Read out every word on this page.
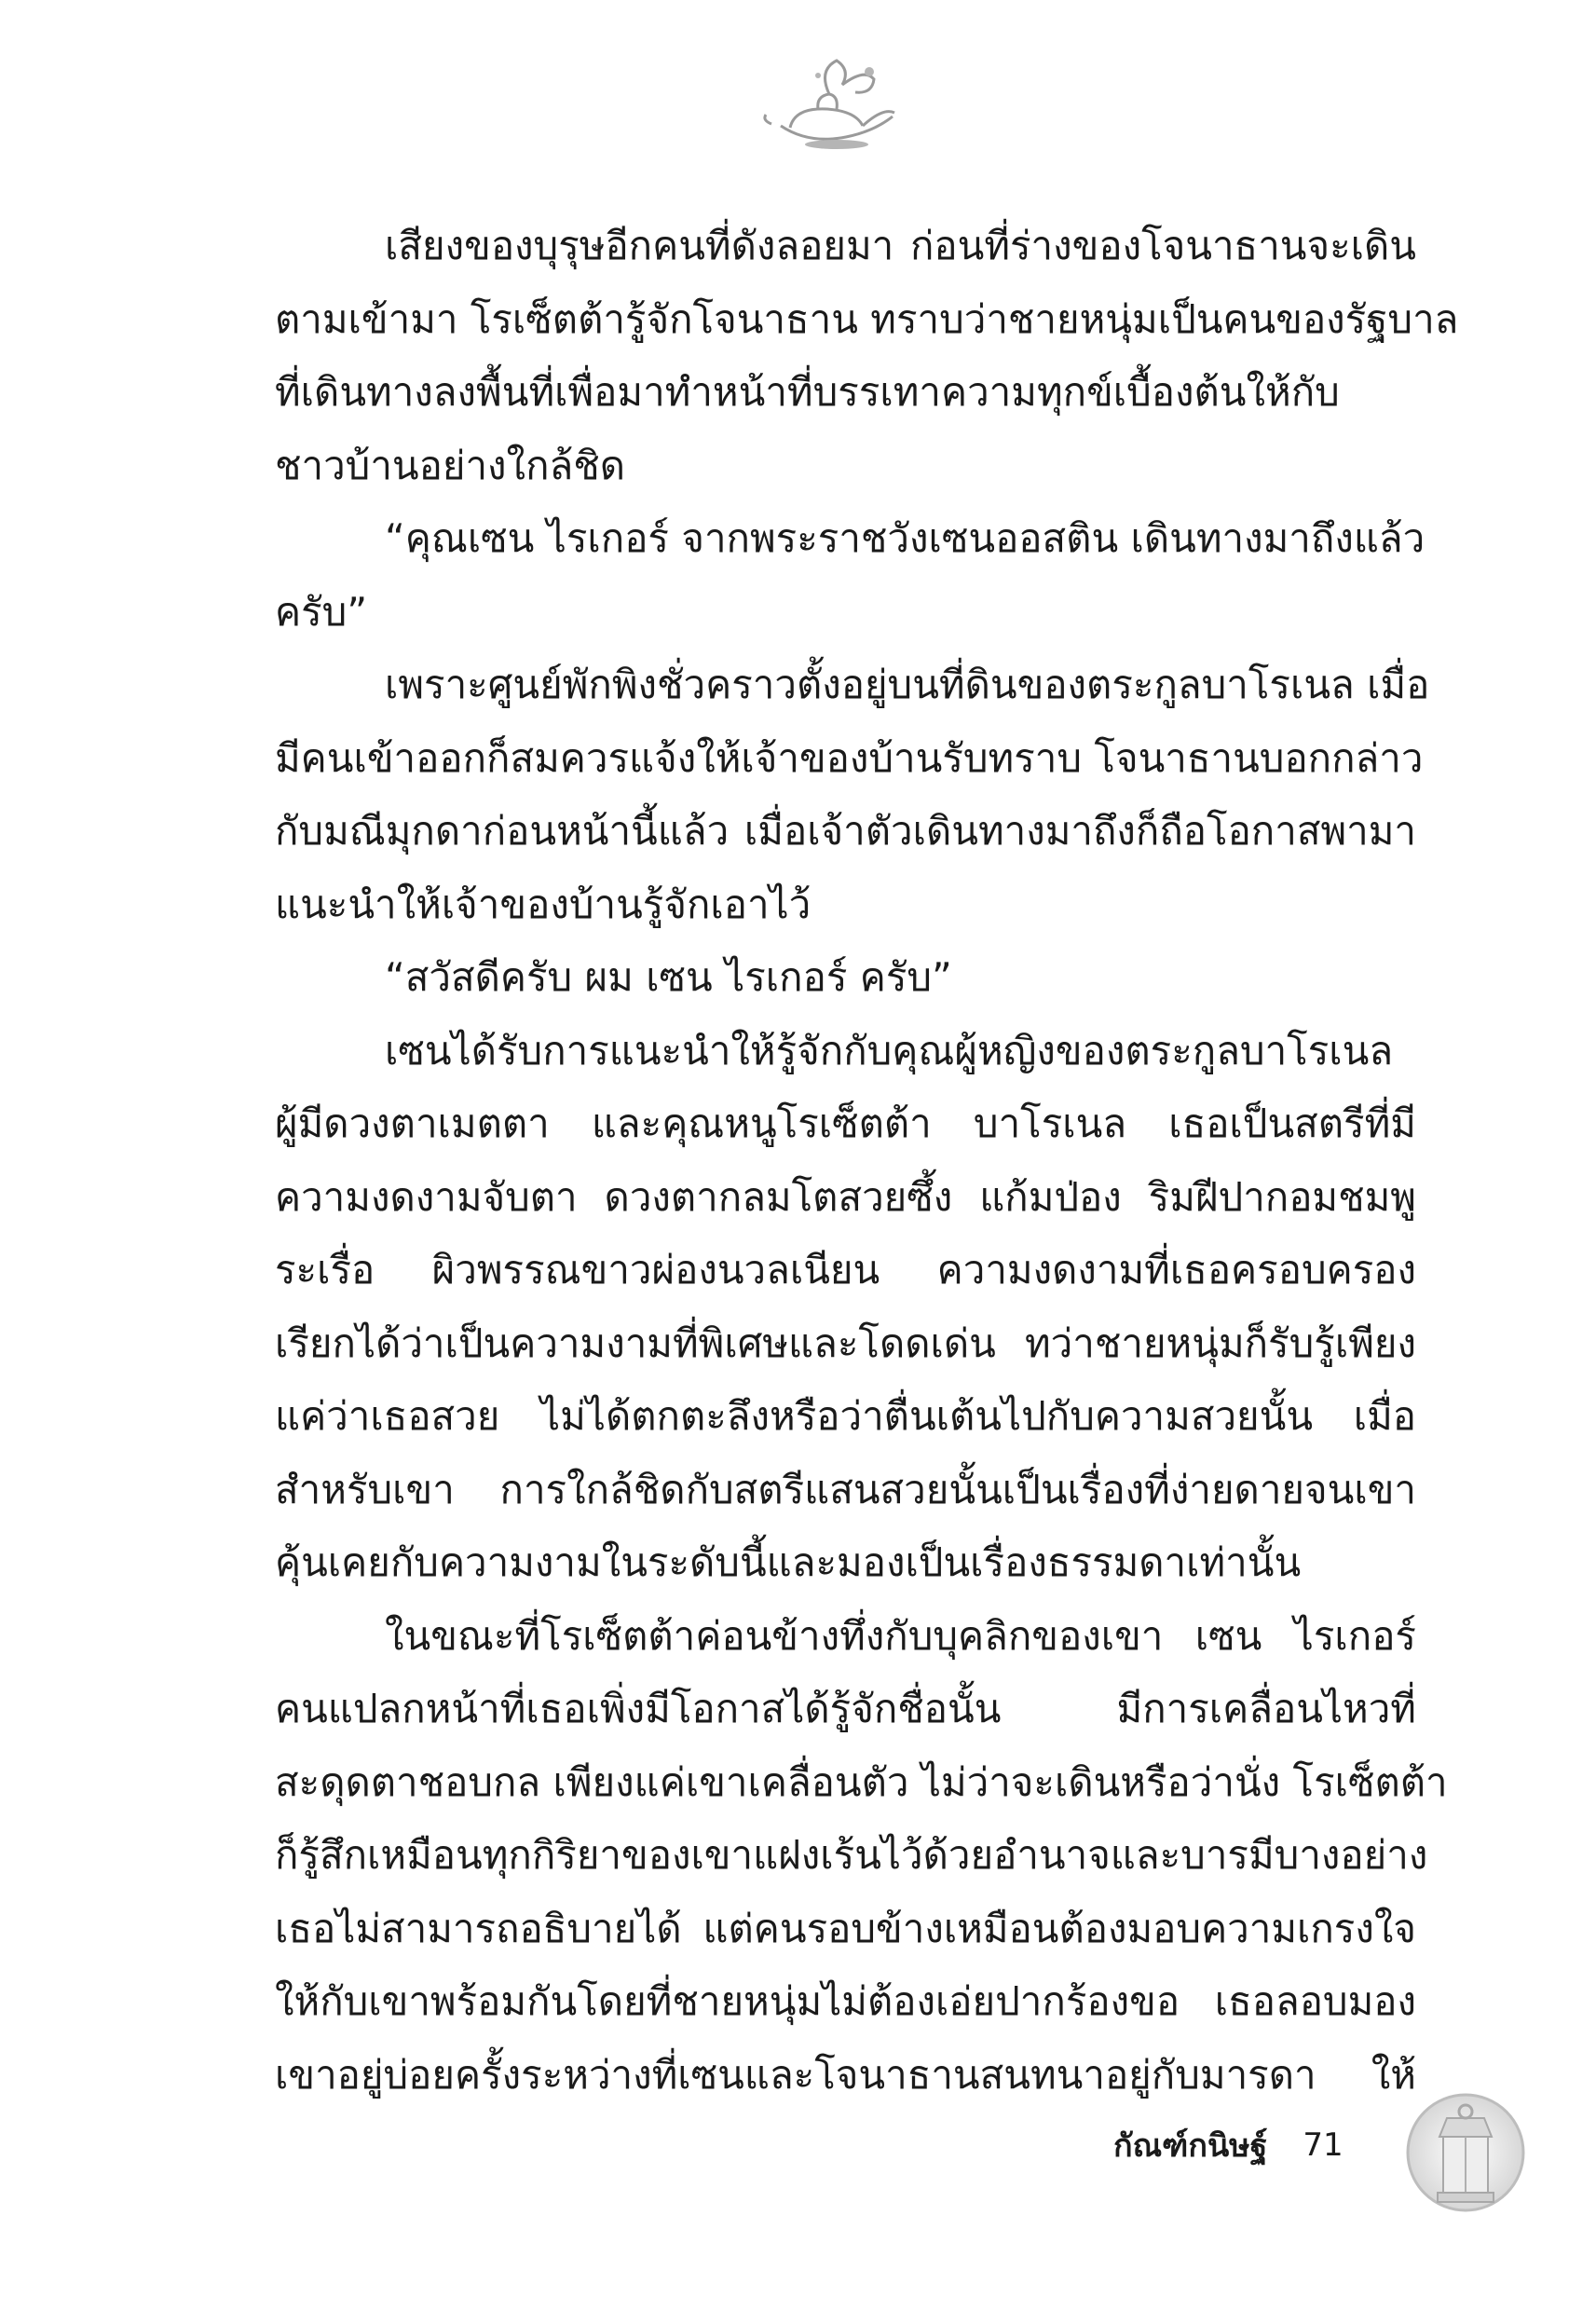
เสียงของบุรุษอีกคนที่ดังลอยมา ก่อนที่ร่างของโจนาธานจะเดิน
ตามเข้ามา โรเซ็ตต้ารู้จักโจนาธาน ทราบว่าชายหนุ่มเป็นคนของรัฐบาล
ที่เดินทางลงพื้นที่เพื่อมาทำหน้าที่บรรเทาความทุกข์เบื้องต้นให้กับ
ชาวบ้านอย่างใกล้ชิด
“คุณเซน ไรเกอร์ จากพระราชวังเซนออสติน เดินทางมาถึงแล้ว
ครับ”
เพราะศูนย์พักพิงชั่วคราวตั้งอยู่บนที่ดินของตระกูลบาโรเนล เมื่อ
มีคนเข้าออกก็สมควรแจ้งให้เจ้าของบ้านรับทราบ โจนาธานบอกกล่าว
กับมณีมุกดาก่อนหน้านี้แล้ว เมื่อเจ้าตัวเดินทางมาถึงก็ถือโอกาสพามา
แนะนำให้เจ้าของบ้านรู้จักเอาไว้
“สวัสดีครับ ผม เซน ไรเกอร์ ครับ”
เซนได้รับการแนะนำให้รู้จักกับคุณผู้หญิงของตระกูลบาโรเนล
ผู้มีดวงตาเมตตา และคุณหนูโรเซ็ตต้า บาโรเนล เธอเป็นสตรีที่มี
ความงดงามจับตา ดวงตากลมโตสวยซึ้ง แก้มป่อง ริมฝีปากอมชมพู
ระเรื่อ ผิวพรรณขาวผ่องนวลเนียน ความงดงามที่เธอครอบครอง
เรียกได้ว่าเป็นความงามที่พิเศษและโดดเด่น ทว่าชายหนุ่มก็รับรู้เพียง
แค่ว่าเธอสวย ไม่ได้ตกตะลึงหรือว่าตื่นเต้นไปกับความสวยนั้น เมื่อ
สำหรับเขา การใกล้ชิดกับสตรีแสนสวยนั้นเป็นเรื่องที่ง่ายดายจนเขา
คุ้นเคยกับความงามในระดับนี้และมองเป็นเรื่องธรรมดาเท่านั้น
ในขณะที่โรเซ็ตต้าค่อนข้างทึ่งกับบุคลิกของเขา เซน ไรเกอร์
คนแปลกหน้าที่เธอเพิ่งมีโอกาสได้รู้จักชื่อนั้น มีการเคลื่อนไหวที่
สะดุดตาชอบกล เพียงแค่เขาเคลื่อนตัว ไม่ว่าจะเดินหรือว่านั่ง โรเซ็ตต้า
ก็รู้สึกเหมือนทุกกิริยาของเขาแฝงเร้นไว้ด้วยอำนาจและบารมีบางอย่าง
เธอไม่สามารถอธิบายได้ แต่คนรอบข้างเหมือนต้องมอบความเกรงใจ
ให้กับเขาพร้อมกันโดยที่ชายหนุ่มไม่ต้องเอ่ยปากร้องขอ เธอลอบมอง
เขาอยู่บ่อยครั้งระหว่างที่เซนและโจนาธานสนทนาอยู่กับมารดา ให้
กัณฑ์กนิษฐ์ 71
